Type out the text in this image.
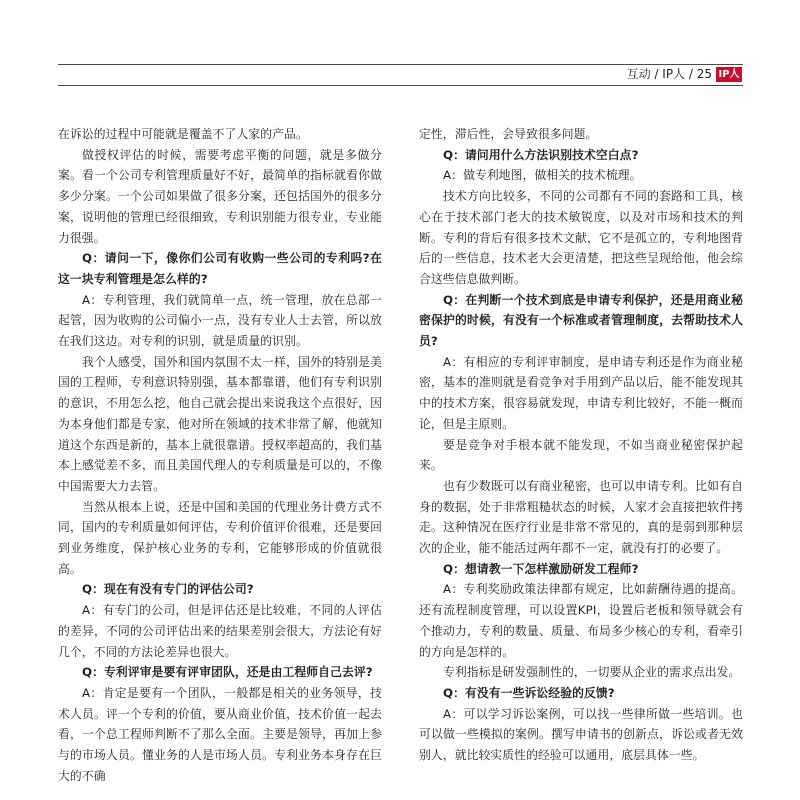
互动 / IP人 / 25 IP人

在诉讼的过程中可能就是覆盖不了人家的产品。

做授权评估的时候，需要考虑平衡的问题，就是多做分案。看一个公司专利管理质量好不好，最简单的指标就看你做多少分案。一个公司如果做了很多分案，还包括国外的很多分案，说明他的管理已经很细致，专利识别能力很专业，专业能力很强。

Q：请问一下，像你们公司有收购一些公司的专利吗?在这一块专利管理是怎么样的?

A：专利管理，我们就简单一点，统一管理，放在总部一起管，因为收购的公司偏小一点，没有专业人士去管，所以放在我们这边。对专利的识别，就是质量的识别。

我个人感受，国外和国内氛围不太一样，国外的特别是美国的工程师，专利意识特别强，基本都靠谱，他们有专利识别的意识，不用怎么挖，他自己就会提出来说我这个点很好，因为本身他们都是专家，他对所在领域的技术非常了解，他就知道这个东西是新的，基本上就很靠谱。授权率超高的，我们基本上感觉差不多，而且美国代理人的专利质量是可以的，不像中国需要大力去管。

当然从根本上说，还是中国和美国的代理业务计费方式不同，国内的专利质量如何评估，专利价值评价很难，还是要回到业务维度，保护核心业务的专利，它能够形成的价值就很高。

Q：现在有没有专门的评估公司?

A：有专门的公司，但是评估还是比较难，不同的人评估的差异，不同的公司评估出来的结果差别会很大，方法论有好几个，不同的方法论差异也很大。

Q：专利评审是要有评审团队，还是由工程师自己去评?

A：肯定是要有一个团队，一般都是相关的业务领导，技术人员。评一个专利的价值，要从商业价值，技术价值一起去看，一个总工程师判断不了那么全面。主要是领导，再加上参与的市场人员。懂业务的人是市场人员。专利业务本身存在巨大的不确

定性，滞后性，会导致很多问题。

Q：请问用什么方法识别技术空白点?

A：做专利地图，做相关的技术梳理。

技术方向比较多，不同的公司都有不同的套路和工具，核心在于技术部门老大的技术敏锐度，以及对市场和技术的判断。专利的背后有很多技术文献，它不是孤立的，专利地图背后的一些信息，技术老大会更清楚，把这些呈现给他，他会综合这些信息做判断。

Q：在判断一个技术到底是申请专利保护，还是用商业秘密保护的时候，有没有一个标准或者管理制度，去帮助技术人员?

A：有相应的专利评审制度，是申请专利还是作为商业秘密，基本的准则就是看竞争对手用到产品以后，能不能发现其中的技术方案，很容易就发现，申请专利比较好，不能一概而论，但是主原则。

要是竞争对手根本就不能发现，不如当商业秘密保护起来。

也有少数既可以有商业秘密，也可以申请专利。比如有自身的数据，处于非常粗糙状态的时候，人家才会直接把软件拷走。这种情况在医疗行业是非常不常见的，真的是弱到那种层次的企业，能不能活过两年都不一定，就没有打的必要了。

Q：想请教一下怎样激励研发工程师?

A：专利奖励政策法律都有规定，比如薪酬待遇的提高。还有流程制度管理，可以设置KPI，设置后老板和领导就会有个推动力，专利的数量、质量、布局多少核心的专利，看牵引的方向是怎样的。

专利指标是研发强制性的，一切要从企业的需求点出发。

Q：有没有一些诉讼经验的反馈?

A：可以学习诉讼案例，可以找一些律所做一些培训。也可以做一些模拟的案例。撰写申请书的创新点，诉讼或者无效别人，就比较实质性的经验可以通用，底层具体一些。
